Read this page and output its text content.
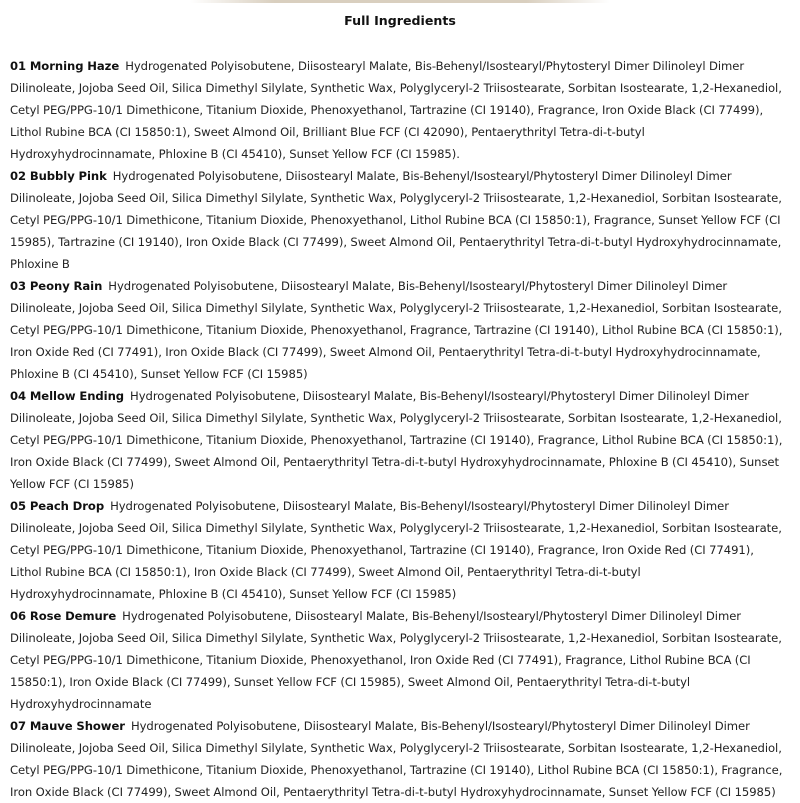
Full Ingredients

01 Morning Haze Hydrogenated Polyisobutene, Diisostearyl Malate, Bis-Behenyl/Isostearyl/Phytosteryl Dimer Dilinoleyl Dimer Dilinoleate, Jojoba Seed Oil, Silica Dimethyl Silylate, Synthetic Wax, Polyglyceryl-2 Triisostearate, Sorbitan Isostearate, 1,2-Hexanediol, Cetyl PEG/PPG-10/1 Dimethicone, Titanium Dioxide, Phenoxyethanol, Tartrazine (CI 19140), Fragrance, Iron Oxide Black (CI 77499), Lithol Rubine BCA (CI 15850:1), Sweet Almond Oil, Brilliant Blue FCF (CI 42090), Pentaerythrityl Tetra-di-t-butyl Hydroxyhydrocinnamate, Phloxine B (CI 45410), Sunset Yellow FCF (CI 15985).

02 Bubbly Pink Hydrogenated Polyisobutene, Diisostearyl Malate, Bis-Behenyl/Isostearyl/Phytosteryl Dimer Dilinoleyl Dimer Dilinoleate, Jojoba Seed Oil, Silica Dimethyl Silylate, Synthetic Wax, Polyglyceryl-2 Triisostearate, 1,2-Hexanediol, Sorbitan Isostearate, Cetyl PEG/PPG-10/1 Dimethicone, Titanium Dioxide, Phenoxyethanol, Lithol Rubine BCA (CI 15850:1), Fragrance, Sunset Yellow FCF (CI 15985), Tartrazine (CI 19140), Iron Oxide Black (CI 77499), Sweet Almond Oil, Pentaerythrityl Tetra-di-t-butyl Hydroxyhydrocinnamate, Phloxine B

03 Peony Rain Hydrogenated Polyisobutene, Diisostearyl Malate, Bis-Behenyl/Isostearyl/Phytosteryl Dimer Dilinoleyl Dimer Dilinoleate, Jojoba Seed Oil, Silica Dimethyl Silylate, Synthetic Wax, Polyglyceryl-2 Triisostearate, 1,2-Hexanediol, Sorbitan Isostearate, Cetyl PEG/PPG-10/1 Dimethicone, Titanium Dioxide, Phenoxyethanol, Fragrance, Tartrazine (CI 19140), Lithol Rubine BCA (CI 15850:1), Iron Oxide Red (CI 77491), Iron Oxide Black (CI 77499), Sweet Almond Oil, Pentaerythrityl Tetra-di-t-butyl Hydroxyhydrocinnamate, Phloxine B (CI 45410), Sunset Yellow FCF (CI 15985)

04 Mellow Ending Hydrogenated Polyisobutene, Diisostearyl Malate, Bis-Behenyl/Isostearyl/Phytosteryl Dimer Dilinoleyl Dimer Dilinoleate, Jojoba Seed Oil, Silica Dimethyl Silylate, Synthetic Wax, Polyglyceryl-2 Triisostearate, Sorbitan Isostearate, 1,2-Hexanediol, Cetyl PEG/PPG-10/1 Dimethicone, Titanium Dioxide, Phenoxyethanol, Tartrazine (CI 19140), Fragrance, Lithol Rubine BCA (CI 15850:1), Iron Oxide Black (CI 77499), Sweet Almond Oil, Pentaerythrityl Tetra-di-t-butyl Hydroxyhydrocinnamate, Phloxine B (CI 45410), Sunset Yellow FCF (CI 15985)

05 Peach Drop Hydrogenated Polyisobutene, Diisostearyl Malate, Bis-Behenyl/Isostearyl/Phytosteryl Dimer Dilinoleyl Dimer Dilinoleate, Jojoba Seed Oil, Silica Dimethyl Silylate, Synthetic Wax, Polyglyceryl-2 Triisostearate, 1,2-Hexanediol, Sorbitan Isostearate, Cetyl PEG/PPG-10/1 Dimethicone, Titanium Dioxide, Phenoxyethanol, Tartrazine (CI 19140), Fragrance, Iron Oxide Red (CI 77491), Lithol Rubine BCA (CI 15850:1), Iron Oxide Black (CI 77499), Sweet Almond Oil, Pentaerythrityl Tetra-di-t-butyl Hydroxyhydrocinnamate, Phloxine B (CI 45410), Sunset Yellow FCF (CI 15985)

06 Rose Demure Hydrogenated Polyisobutene, Diisostearyl Malate, Bis-Behenyl/Isostearyl/Phytosteryl Dimer Dilinoleyl Dimer Dilinoleate, Jojoba Seed Oil, Silica Dimethyl Silylate, Synthetic Wax, Polyglyceryl-2 Triisostearate, 1,2-Hexanediol, Sorbitan Isostearate, Cetyl PEG/PPG-10/1 Dimethicone, Titanium Dioxide, Phenoxyethanol, Iron Oxide Red (CI 77491), Fragrance, Lithol Rubine BCA (CI 15850:1), Iron Oxide Black (CI 77499), Sunset Yellow FCF (CI 15985), Sweet Almond Oil, Pentaerythrityl Tetra-di-t-butyl Hydroxyhydrocinnamate

07 Mauve Shower Hydrogenated Polyisobutene, Diisostearyl Malate, Bis-Behenyl/Isostearyl/Phytosteryl Dimer Dilinoleyl Dimer Dilinoleate, Jojoba Seed Oil, Silica Dimethyl Silylate, Synthetic Wax, Polyglyceryl-2 Triisostearate, Sorbitan Isostearate, 1,2-Hexanediol, Cetyl PEG/PPG-10/1 Dimethicone, Titanium Dioxide, Phenoxyethanol, Tartrazine (CI 19140), Lithol Rubine BCA (CI 15850:1), Fragrance, Iron Oxide Black (CI 77499), Sweet Almond Oil, Pentaerythrityl Tetra-di-t-butyl Hydroxyhydrocinnamate, Sunset Yellow FCF (CI 15985)
